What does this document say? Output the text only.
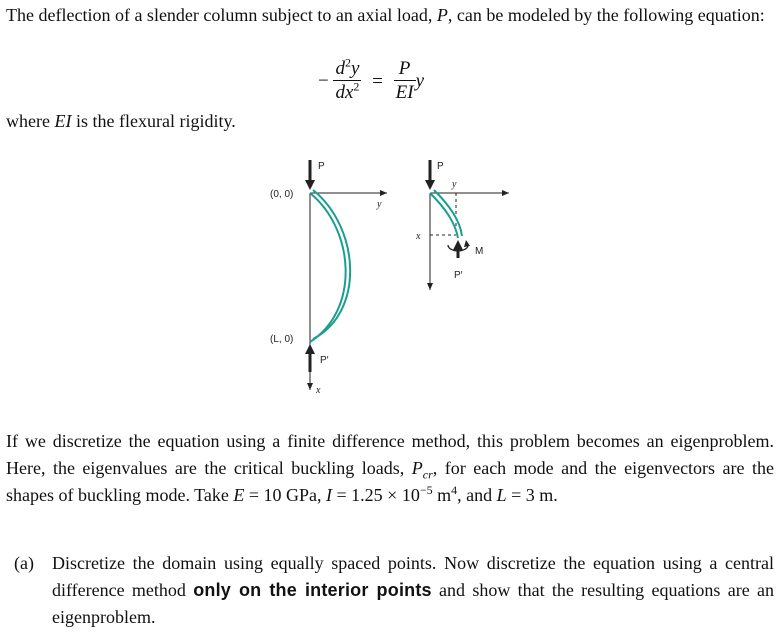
The deflection of a slender column subject to an axial load, P, can be modeled by the following equation:
− $\frac{d^2y}{dx^2} = \frac{P}{EI}$ y
where EI is the flexural rigidity.
P
(0, 0)
y
(L, 0)
P′
x
P
y
x
M
P′
If we discretize the equation using a finite difference method, this problem becomes an eigenproblem. Here, the eigenvalues are the critical buckling loads, $P_{cr}$, for each mode and the eigenvectors are the shapes of buckling mode. Take E = 10 GPa, $I = 1.25 \times 10^{-5}$ $m^4$, and L = 3 m.
(a) Discretize the domain using equally spaced points. Now discretize the equation using a central difference method only on the interior points and show that the resulting equations are an eigenproblem.
